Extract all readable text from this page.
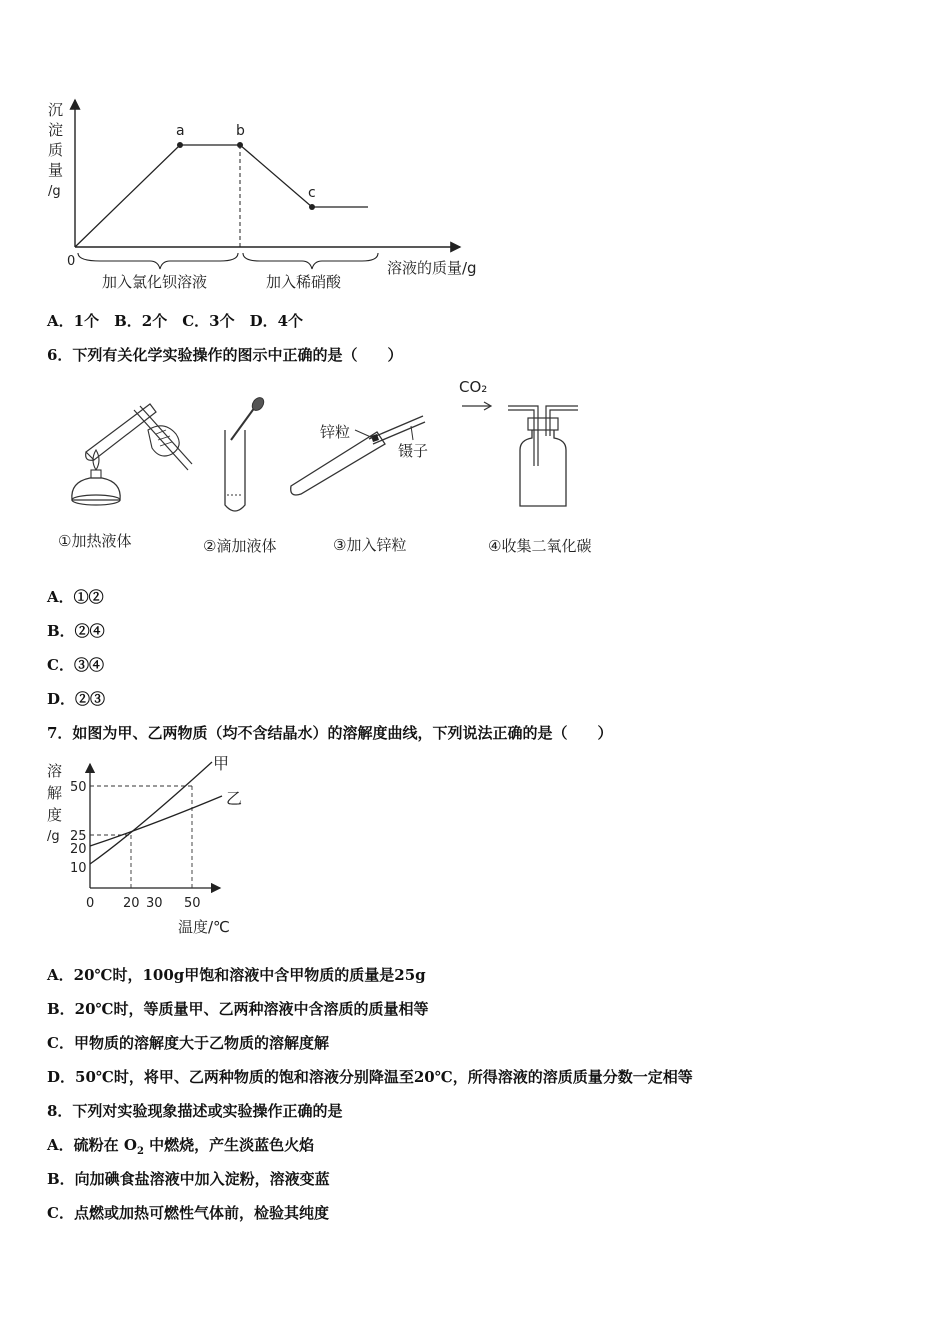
沉
淀
质
量
/g
a	b
c
0	溶液的质量/g
加入氯化钡溶液	加入稀硝酸
A．1个　B．2个　C．3个　D．4个
6．下列有关化学实验操作的图示中正确的是（　　）
①加热液体	②滴加液体
锌粒
镊子
③加入锌粒
CO₂
④收集二氧化碳
A．①②
B．②④
C．③④
D．②③
7．如图为甲、乙两物质（均不含结晶水）的溶解度曲线，下列说法正确的是（　　）
溶
解
度
/g
甲
乙
50
25
20
10
0 20 30 50
温度/℃
A．20℃时，100g甲饱和溶液中含甲物质的质量是25g
B．20℃时，等质量甲、乙两种溶液中含溶质的质量相等
C．甲物质的溶解度大于乙物质的溶解度解
D．50℃时，将甲、乙两种物质的饱和溶液分别降温至20℃，所得溶液的溶质质量分数一定相等
8．下列对实验现象描述或实验操作正确的是
A．硫粉在 $O_2$ 中燃烧，产生淡蓝色火焰
B．向加碘食盐溶液中加入淀粉，溶液变蓝
C．点燃或加热可燃性气体前，检验其纯度
